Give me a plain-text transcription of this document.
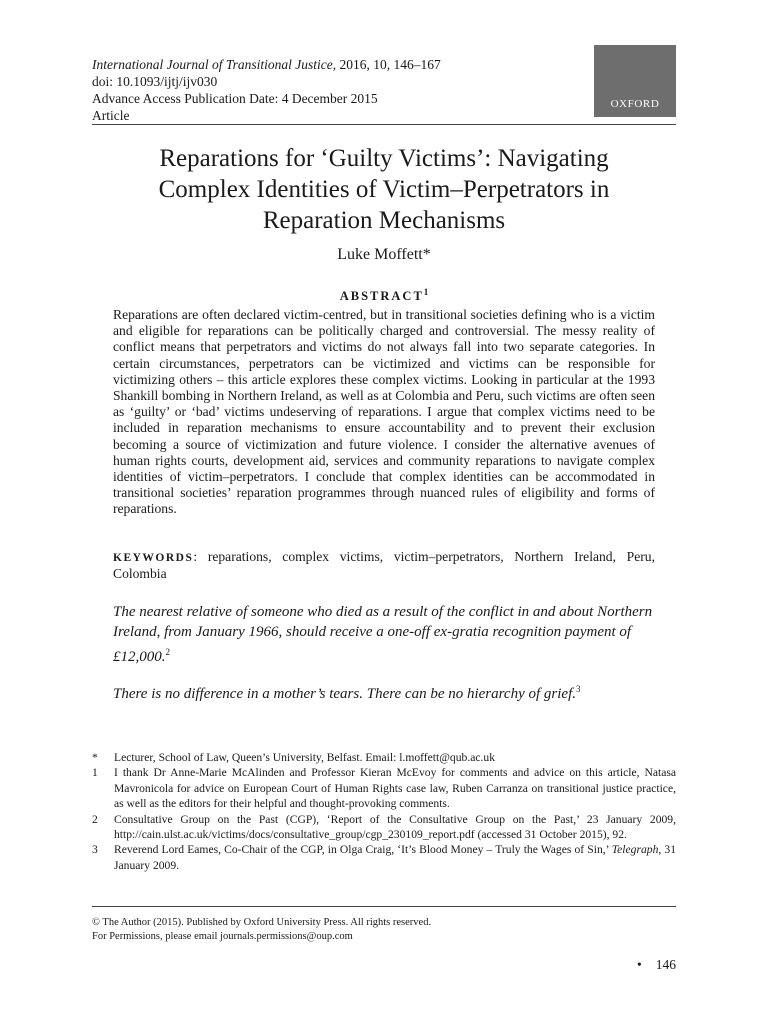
International Journal of Transitional Justice, 2016, 10, 146–167
doi: 10.1093/ijtj/ijv030
Advance Access Publication Date: 4 December 2015
Article
OXFORD
Reparations for ‘Guilty Victims’: Navigating
Complex Identities of Victim–Perpetrators in
Reparation Mechanisms
Luke Moffett*
ABSTRACT$^1$

Reparations are often declared victim-centred, but in transitional societies defining who is a victim and eligible for reparations can be politically charged and controversial. The messy reality of conflict means that perpetrators and victims do not always fall into two separate categories. In certain circumstances, perpetrators can be victimized and victims can be responsible for victimizing others – this article explores these complex victims. Looking in particular at the 1993 Shankill bombing in Northern Ireland, as well as at Colombia and Peru, such victims are often seen as ‘guilty’ or ‘bad’ victims undeserving of reparations. I argue that complex victims need to be included in reparation mechanisms to ensure accountability and to prevent their exclusion becoming a source of victimization and future violence. I consider the alternative avenues of human rights courts, development aid, services and community reparations to navigate complex identities of victim–perpetrators. I conclude that complex identities can be accommodated in transitional societies’ reparation programmes through nuanced rules of eligibility and forms of reparations.

KEYWORDS: reparations, complex victims, victim–perpetrators, Northern Ireland, Peru, Colombia

The nearest relative of someone who died as a result of the conflict in and about Northern Ireland, from January 1966, should receive a one-off ex-gratia recognition payment of £12,000.$^2$

There is no difference in a mother’s tears. There can be no hierarchy of grief.$^3$

*	Lecturer, School of Law, Queen’s University, Belfast. Email: l.moffett@qub.ac.uk
1	I thank Dr Anne-Marie McAlinden and Professor Kieran McEvoy for comments and advice on this article, Natasa Mavronicola for advice on European Court of Human Rights case law, Ruben Carranza on transitional justice practice, as well as the editors for their helpful and thought-provoking comments.
2	Consultative Group on the Past (CGP), ‘Report of the Consultative Group on the Past,’ 23 January 2009, http://cain.ulst.ac.uk/victims/docs/consultative_group/cgp_230109_report.pdf (accessed 31 October 2015), 92.
3	Reverend Lord Eames, Co-Chair of the CGP, in Olga Craig, ‘It’s Blood Money – Truly the Wages of Sin,’ Telegraph, 31 January 2009.
© The Author (2015). Published by Oxford University Press. All rights reserved.
For Permissions, please email journals.permissions@oup.com
• 146
